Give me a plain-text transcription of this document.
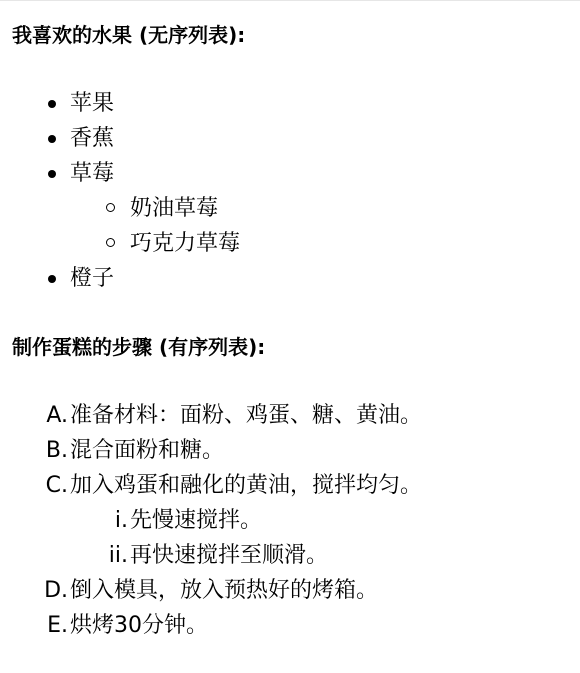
我喜欢的水果 (无序列表):
苹果
香蕉
草莓
奶油草莓
巧克力草莓
橙子
制作蛋糕的步骤 (有序列表):
A. 准备材料：面粉、鸡蛋、糖、黄油。
B. 混合面粉和糖。
C. 加入鸡蛋和融化的黄油，搅拌均匀。
i. 先慢速搅拌。
ii. 再快速搅拌至顺滑。
D. 倒入模具，放入预热好的烤箱。
E. 烘烤30分钟。
